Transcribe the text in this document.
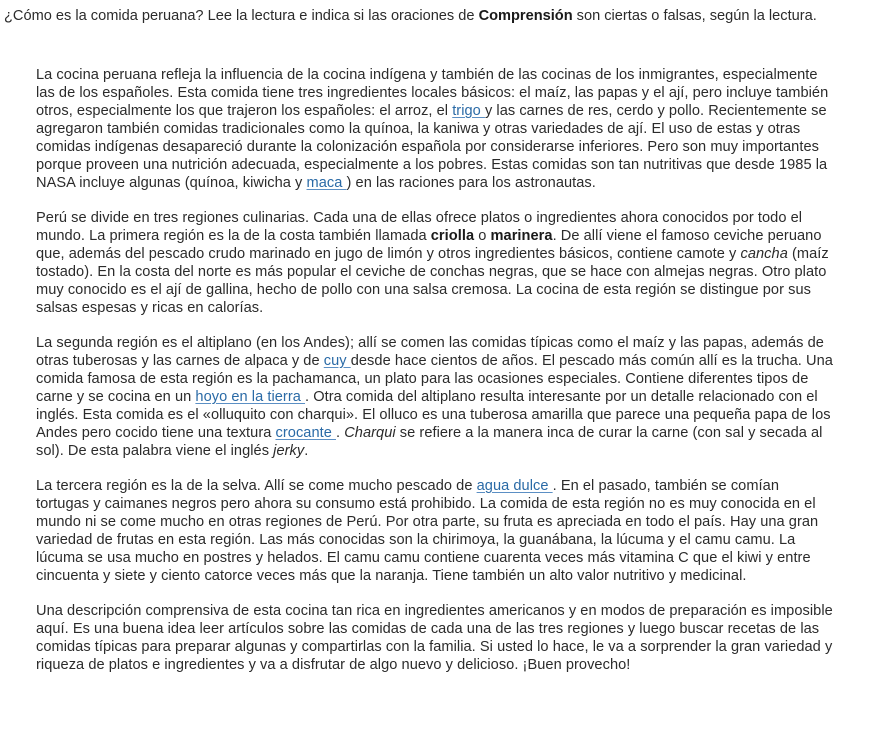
¿Cómo es la comida peruana? Lee la lectura e indica si las oraciones de Comprensión son ciertas o falsas, según la lectura.

La cocina peruana refleja la influencia de la cocina indígena y también de las cocinas de los inmigrantes, especialmente las de los españoles. Esta comida tiene tres ingredientes locales básicos: el maíz, las papas y el ají, pero incluye también otros, especialmente los que trajeron los españoles: el arroz, el trigo y las carnes de res, cerdo y pollo. Recientemente se agregaron también comidas tradicionales como la quínoa, la kaniwa y otras variedades de ají. El uso de estas y otras comidas indígenas desapareció durante la colonización española por considerarse inferiores. Pero son muy importantes porque proveen una nutrición adecuada, especialmente a los pobres. Estas comidas son tan nutritivas que desde 1985 la NASA incluye algunas (quínoa, kiwicha y maca ) en las raciones para los astronautas.

Perú se divide en tres regiones culinarias. Cada una de ellas ofrece platos o ingredientes ahora conocidos por todo el mundo. La primera región es la de la costa también llamada criolla o marinera. De allí viene el famoso ceviche peruano que, además del pescado crudo marinado en jugo de limón y otros ingredientes básicos, contiene camote y cancha (maíz tostado). En la costa del norte es más popular el ceviche de conchas negras, que se hace con almejas negras. Otro plato muy conocido es el ají de gallina, hecho de pollo con una salsa cremosa. La cocina de esta región se distingue por sus salsas espesas y ricas en calorías.

La segunda región es el altiplano (en los Andes); allí se comen las comidas típicas como el maíz y las papas, además de otras tuberosas y las carnes de alpaca y de cuy desde hace cientos de años. El pescado más común allí es la trucha. Una comida famosa de esta región es la pachamanca, un plato para las ocasiones especiales. Contiene diferentes tipos de carne y se cocina en un hoyo en la tierra . Otra comida del altiplano resulta interesante por un detalle relacionado con el inglés. Esta comida es el «olluquito con charqui». El olluco es una tuberosa amarilla que parece una pequeña papa de los Andes pero cocido tiene una textura crocante . Charqui se refiere a la manera inca de curar la carne (con sal y secada al sol). De esta palabra viene el inglés jerky.

La tercera región es la de la selva. Allí se come mucho pescado de agua dulce . En el pasado, también se comían tortugas y caimanes negros pero ahora su consumo está prohibido. La comida de esta región no es muy conocida en el mundo ni se come mucho en otras regiones de Perú. Por otra parte, su fruta es apreciada en todo el país. Hay una gran variedad de frutas en esta región. Las más conocidas son la chirimoya, la guanábana, la lúcuma y el camu camu. La lúcuma se usa mucho en postres y helados. El camu camu contiene cuarenta veces más vitamina C que el kiwi y entre cincuenta y siete y ciento catorce veces más que la naranja. Tiene también un alto valor nutritivo y medicinal.

Una descripción comprensiva de esta cocina tan rica en ingredientes americanos y en modos de preparación es imposible aquí. Es una buena idea leer artículos sobre las comidas de cada una de las tres regiones y luego buscar recetas de las comidas típicas para preparar algunas y compartirlas con la familia. Si usted lo hace, le va a sorprender la gran variedad y riqueza de platos e ingredientes y va a disfrutar de algo nuevo y delicioso. ¡Buen provecho!
